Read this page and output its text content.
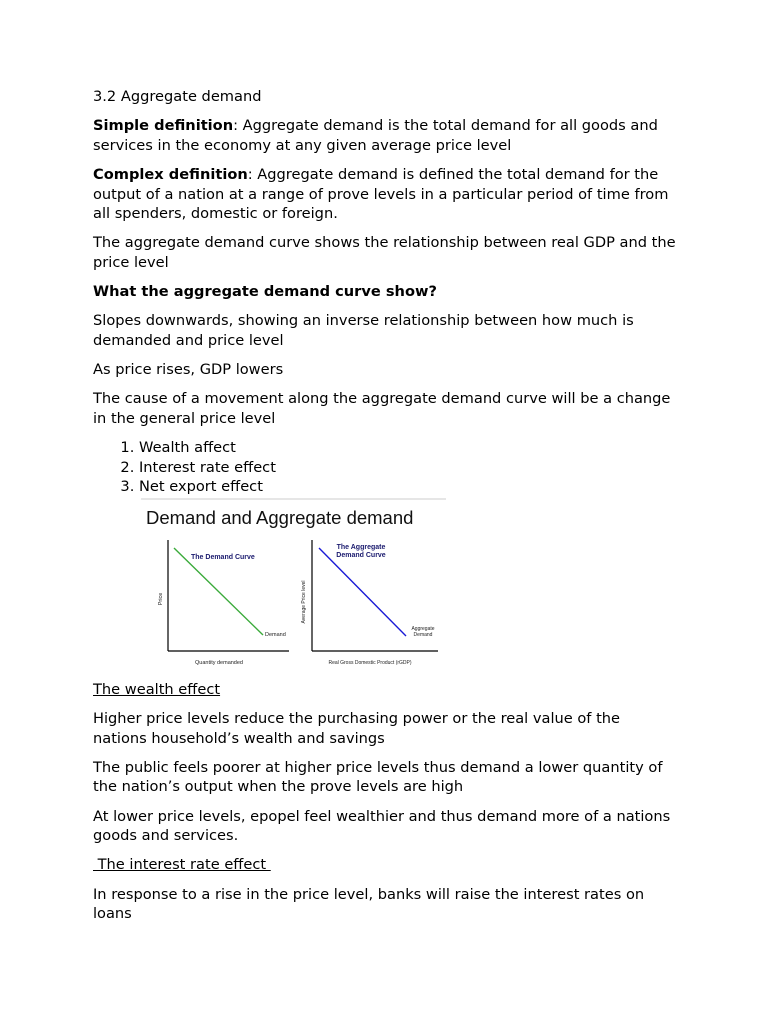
3.2 Aggregate demand

Simple definition: Aggregate demand is the total demand for all goods and services in the economy at any given average price level

Complex definition: Aggregate demand is defined the total demand for the output of a nation at a range of prove levels in a particular period of time from all spenders, domestic or foreign.

The aggregate demand curve shows the relationship between real GDP and the price level

What the aggregate demand curve show?

Slopes downwards, showing an inverse relationship between how much is demanded and price level

As price rises, GDP lowers

The cause of a movement along the aggregate demand curve will be a change in the general price level

1. Wealth affect
2. Interest rate effect
3. Net export effect
Demand and Aggregate demand
The Demand Curve
Demand
Price
Quantity demanded
The Aggregate
Demand Curve
Aggregate
Demand
Average Price level
Real Gross Domestic Product (rGDP)

The wealth effect

Higher price levels reduce the purchasing power or the real value of the nations household’s wealth and savings

The public feels poorer at higher price levels thus demand a lower quantity of the nation’s output when the prove levels are high

At lower price levels, epopel feel wealthier and thus demand more of a nations goods and services.

The interest rate effect

In response to a rise in the price level, banks will raise the interest rates on loans
